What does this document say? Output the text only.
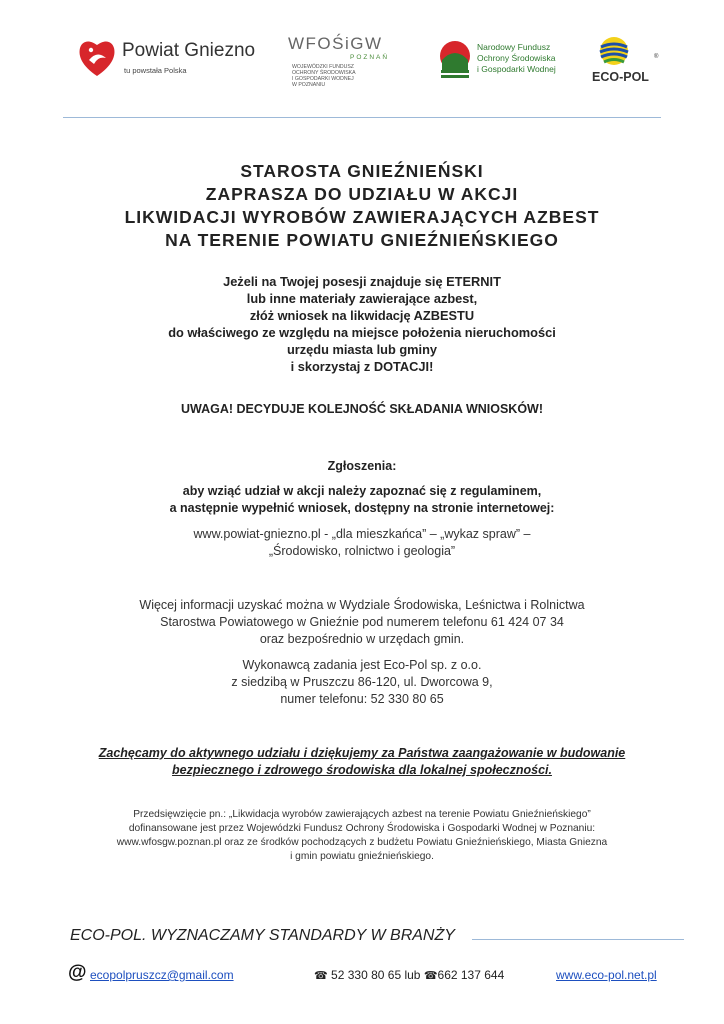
Powiat Gniezno
tu powstała Polska
WFOŚiGW
POZNAŃ
WOJEWÓDZKI FUNDUSZ
OCHRONY ŚRODOWISKA
I GOSPODARKI WODNEJ
W POZNANIU
Narodowy Fundusz
Ochrony Środowiska
i Gospodarki Wodnej
®
ECO-POL
STAROSTA GNIEŹNIEŃSKI
ZAPRASZA DO UDZIAŁU W AKCJI
LIKWIDACJI WYROBÓW ZAWIERAJĄCYCH AZBEST
NA TERENIE POWIATU GNIEŹNIEŃSKIEGO
Jeżeli na Twojej posesji znajduje się ETERNIT
lub inne materiały zawierające azbest,
złóż wniosek na likwidację AZBESTU
do właściwego ze względu na miejsce położenia nieruchomości
urzędu miasta lub gminy
i skorzystaj z DOTACJI!
UWAGA! DECYDUJE KOLEJNOŚĆ SKŁADANIA WNIOSKÓW!
Zgłoszenia:
aby wziąć udział w akcji należy zapoznać się z regulaminem,
a następnie wypełnić wniosek, dostępny na stronie internetowej:
www.powiat-gniezno.pl - „dla mieszkańca” – „wykaz spraw” –
„Środowisko, rolnictwo i geologia”
Więcej informacji uzyskać można w Wydziale Środowiska, Leśnictwa i Rolnictwa
Starostwa Powiatowego w Gnieźnie pod numerem telefonu 61 424 07 34
oraz bezpośrednio w urzędach gmin.
Wykonawcą zadania jest Eco-Pol sp. z o.o.
z siedzibą w Pruszczu 86-120, ul. Dworcowa 9,
numer telefonu: 52 330 80 65
Zachęcamy do aktywnego udziału i dziękujemy za Państwa zaangażowanie w budowanie
bezpiecznego i zdrowego środowiska dla lokalnej społeczności.
Przedsięwzięcie pn.: „Likwidacja wyrobów zawierających azbest na terenie Powiatu Gnieźnieńskiego”
dofinansowane jest przez Wojewódzki Fundusz Ochrony Środowiska i Gospodarki Wodnej w Poznaniu:
www.wfosgw.poznan.pl oraz ze środków pochodzących z budżetu Powiatu Gnieźnieńskiego, Miasta Gniezna
i gmin powiatu gnieźnieńskiego.
ECO-POL. WYZNACZAMY STANDARDY W BRANŻY
@ ecopolpruszcz@gmail.com	☎ 52 330 80 65 lub ☎662 137 644	www.eco-pol.net.pl
